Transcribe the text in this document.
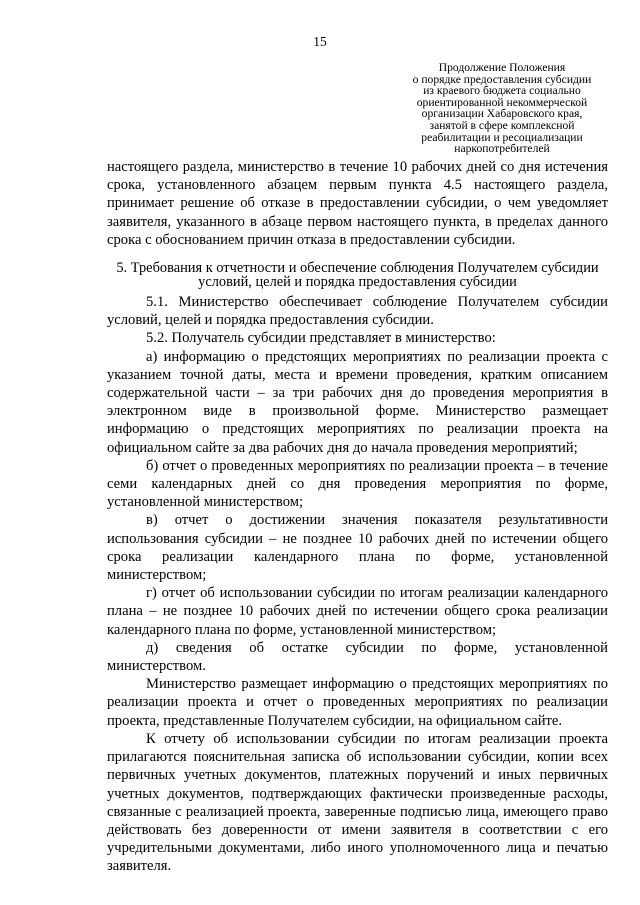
15
Продолжение Положения
о порядке предоставления субсидии
из краевого бюджета социально
ориентированной некоммерческой
организации Хабаровского края,
занятой в сфере комплексной
реабилитации и ресоциализации
наркопотребителей

настоящего раздела, министерство в течение 10 рабочих дней со дня истечения срока, установленного абзацем первым пункта 4.5 настоящего раздела, принимает решение об отказе в предоставлении субсидии, о чем уведомляет заявителя, указанного в абзаце первом настоящего пункта, в пределах данного срока с обоснованием причин отказа в предоставлении субсидии.

5. Требования к отчетности и обеспечение соблюдения Получателем субсидии условий, целей и порядка предоставления субсидии

5.1. Министерство обеспечивает соблюдение Получателем субсидии условий, целей и порядка предоставления субсидии.

5.2. Получатель субсидии представляет в министерство:

а) информацию о предстоящих мероприятиях по реализации проекта с указанием точной даты, места и времени проведения, кратким описанием содержательной части – за три рабочих дня до проведения мероприятия в электронном виде в произвольной форме. Министерство размещает информацию о предстоящих мероприятиях по реализации проекта на официальном сайте за два рабочих дня до начала проведения мероприятий;

б) отчет о проведенных мероприятиях по реализации проекта – в течение семи календарных дней со дня проведения мероприятия по форме, установленной министерством;

в) отчет о достижении значения показателя результативности использования субсидии – не позднее 10 рабочих дней по истечении общего срока реализации календарного плана по форме, установленной министерством;

г) отчет об использовании субсидии по итогам реализации календарного плана – не позднее 10 рабочих дней по истечении общего срока реализации календарного плана по форме, установленной министерством;

д) сведения об остатке субсидии по форме, установленной министерством.

Министерство размещает информацию о предстоящих мероприятиях по реализации проекта и отчет о проведенных мероприятиях по реализации проекта, представленные Получателем субсидии, на официальном сайте.

К отчету об использовании субсидии по итогам реализации проекта прилагаются пояснительная записка об использовании субсидии, копии всех первичных учетных документов, платежных поручений и иных первичных учетных документов, подтверждающих фактически произведенные расходы, связанные с реализацией проекта, заверенные подписью лица, имеющего право действовать без доверенности от имени заявителя в соответствии с его учредительными документами, либо иного уполномоченного лица и печатью заявителя.
